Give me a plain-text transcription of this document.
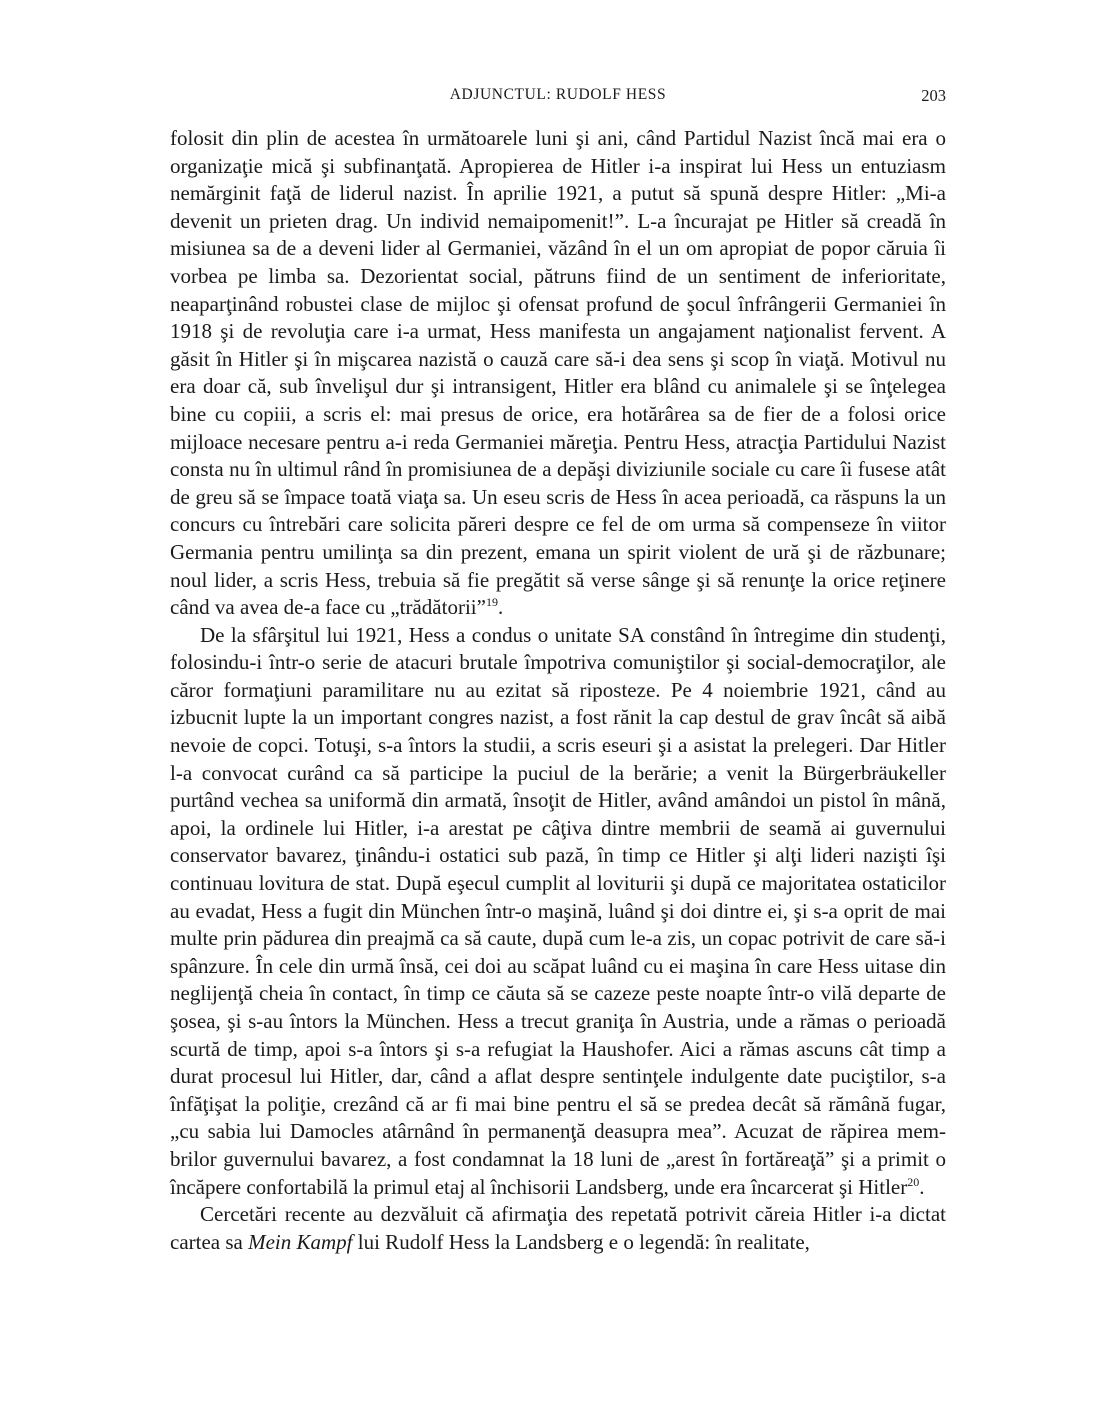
ADJUNCTUL: RUDOLF HESS	203

folosit din plin de acestea în următoarele luni şi ani, când Partidul Nazist încă mai era o organizaţie mică şi subfinanţată. Apropierea de Hitler i-a inspirat lui Hess un entuziasm nemărginit faţă de liderul nazist. În aprilie 1921, a putut să spună despre Hitler: „Mi-a devenit un prieten drag. Un individ nemaipomenit!”. L-a încurajat pe Hitler să creadă în misiunea sa de a deveni lider al Germaniei, văzând în el un om apropiat de popor căruia îi vorbea pe limba sa. Dezorientat social, pătruns fiind de un sentiment de inferioritate, neaparţinând robustei clase de mijloc şi ofensat profund de şocul înfrângerii Germaniei în 1918 şi de revoluţia care i-a urmat, Hess manifesta un angajament naţionalist fervent. A găsit în Hitler şi în mişcarea nazistă o cauză care să-i dea sens şi scop în viaţă. Motivul nu era doar că, sub învelişul dur şi intransigent, Hitler era blând cu animalele şi se înţelegea bine cu copiii, a scris el: mai presus de orice, era hotărârea sa de fier de a folosi orice mijloace necesare pentru a-i reda Germaniei măreţia. Pentru Hess, atracţia Partidului Nazist consta nu în ultimul rând în promisiunea de a depăşi diviziunile sociale cu care îi fusese atât de greu să se împace toată viaţa sa. Un eseu scris de Hess în acea perioadă, ca răspuns la un concurs cu întrebări care solicita păreri despre ce fel de om urma să compenseze în viitor Germania pentru umilinţa sa din prezent, emana un spirit violent de ură şi de răzbunare; noul lider, a scris Hess, trebuia să fie pregătit să verse sânge şi să renunţe la orice reţinere când va avea de-a face cu „trădătorii”$^{19}$.

De la sfârşitul lui 1921, Hess a condus o unitate SA constând în întregime din studenţi, folosindu-i într-o serie de atacuri brutale împotriva comuniştilor şi social-democraţilor, ale căror formaţiuni paramilitare nu au ezitat să riposteze. Pe 4 noiembrie 1921, când au izbucnit lupte la un important congres nazist, a fost rănit la cap destul de grav încât să aibă nevoie de copci. Totuşi, s-a întors la studii, a scris eseuri şi a asistat la prelegeri. Dar Hitler l-a convocat curând ca să participe la puciul de la berărie; a venit la Bürgerbräukeller purtând vechea sa uniformă din armată, însoţit de Hitler, având amândoi un pistol în mână, apoi, la ordinele lui Hitler, i-a arestat pe câţiva dintre membrii de seamă ai guvernului conservator bavarez, ţinându-i ostatici sub pază, în timp ce Hitler şi alţi lideri nazişti îşi continuau lovitura de stat. După eşecul cumplit al loviturii şi după ce majoritatea ostaticilor au evadat, Hess a fugit din München într-o maşină, luând şi doi dintre ei, şi s-a oprit de mai multe prin pădurea din preajmă ca să caute, după cum le-a zis, un copac potrivit de care să-i spânzure. În cele din urmă însă, cei doi au scăpat luând cu ei maşina în care Hess uitase din neglijenţă cheia în contact, în timp ce căuta să se cazeze peste noapte într-o vilă departe de şosea, şi s-au întors la München. Hess a trecut graniţa în Austria, unde a rămas o perioadă scurtă de timp, apoi s-a întors şi s-a refugiat la Haushofer. Aici a rămas ascuns cât timp a durat procesul lui Hitler, dar, când a aflat despre sentinţele indulgente date puciştilor, s-a înfăţişat la poliţie, crezând că ar fi mai bine pentru el să se predea decât să rămână fugar, „cu sabia lui Damocles atârnând în permanenţă deasupra mea”. Acuzat de răpirea membrilor guvernului bavarez, a fost condamnat la 18 luni de „arest în fortăreaţă” şi a primit o încăpere confortabilă la primul etaj al închisorii Landsberg, unde era încarcerat şi Hitler$^{20}$.

Cercetări recente au dezvăluit că afirmaţia des repetată potrivit căreia Hitler i-a dictat cartea sa Mein Kampf lui Rudolf Hess la Landsberg e o legendă: în realitate,
